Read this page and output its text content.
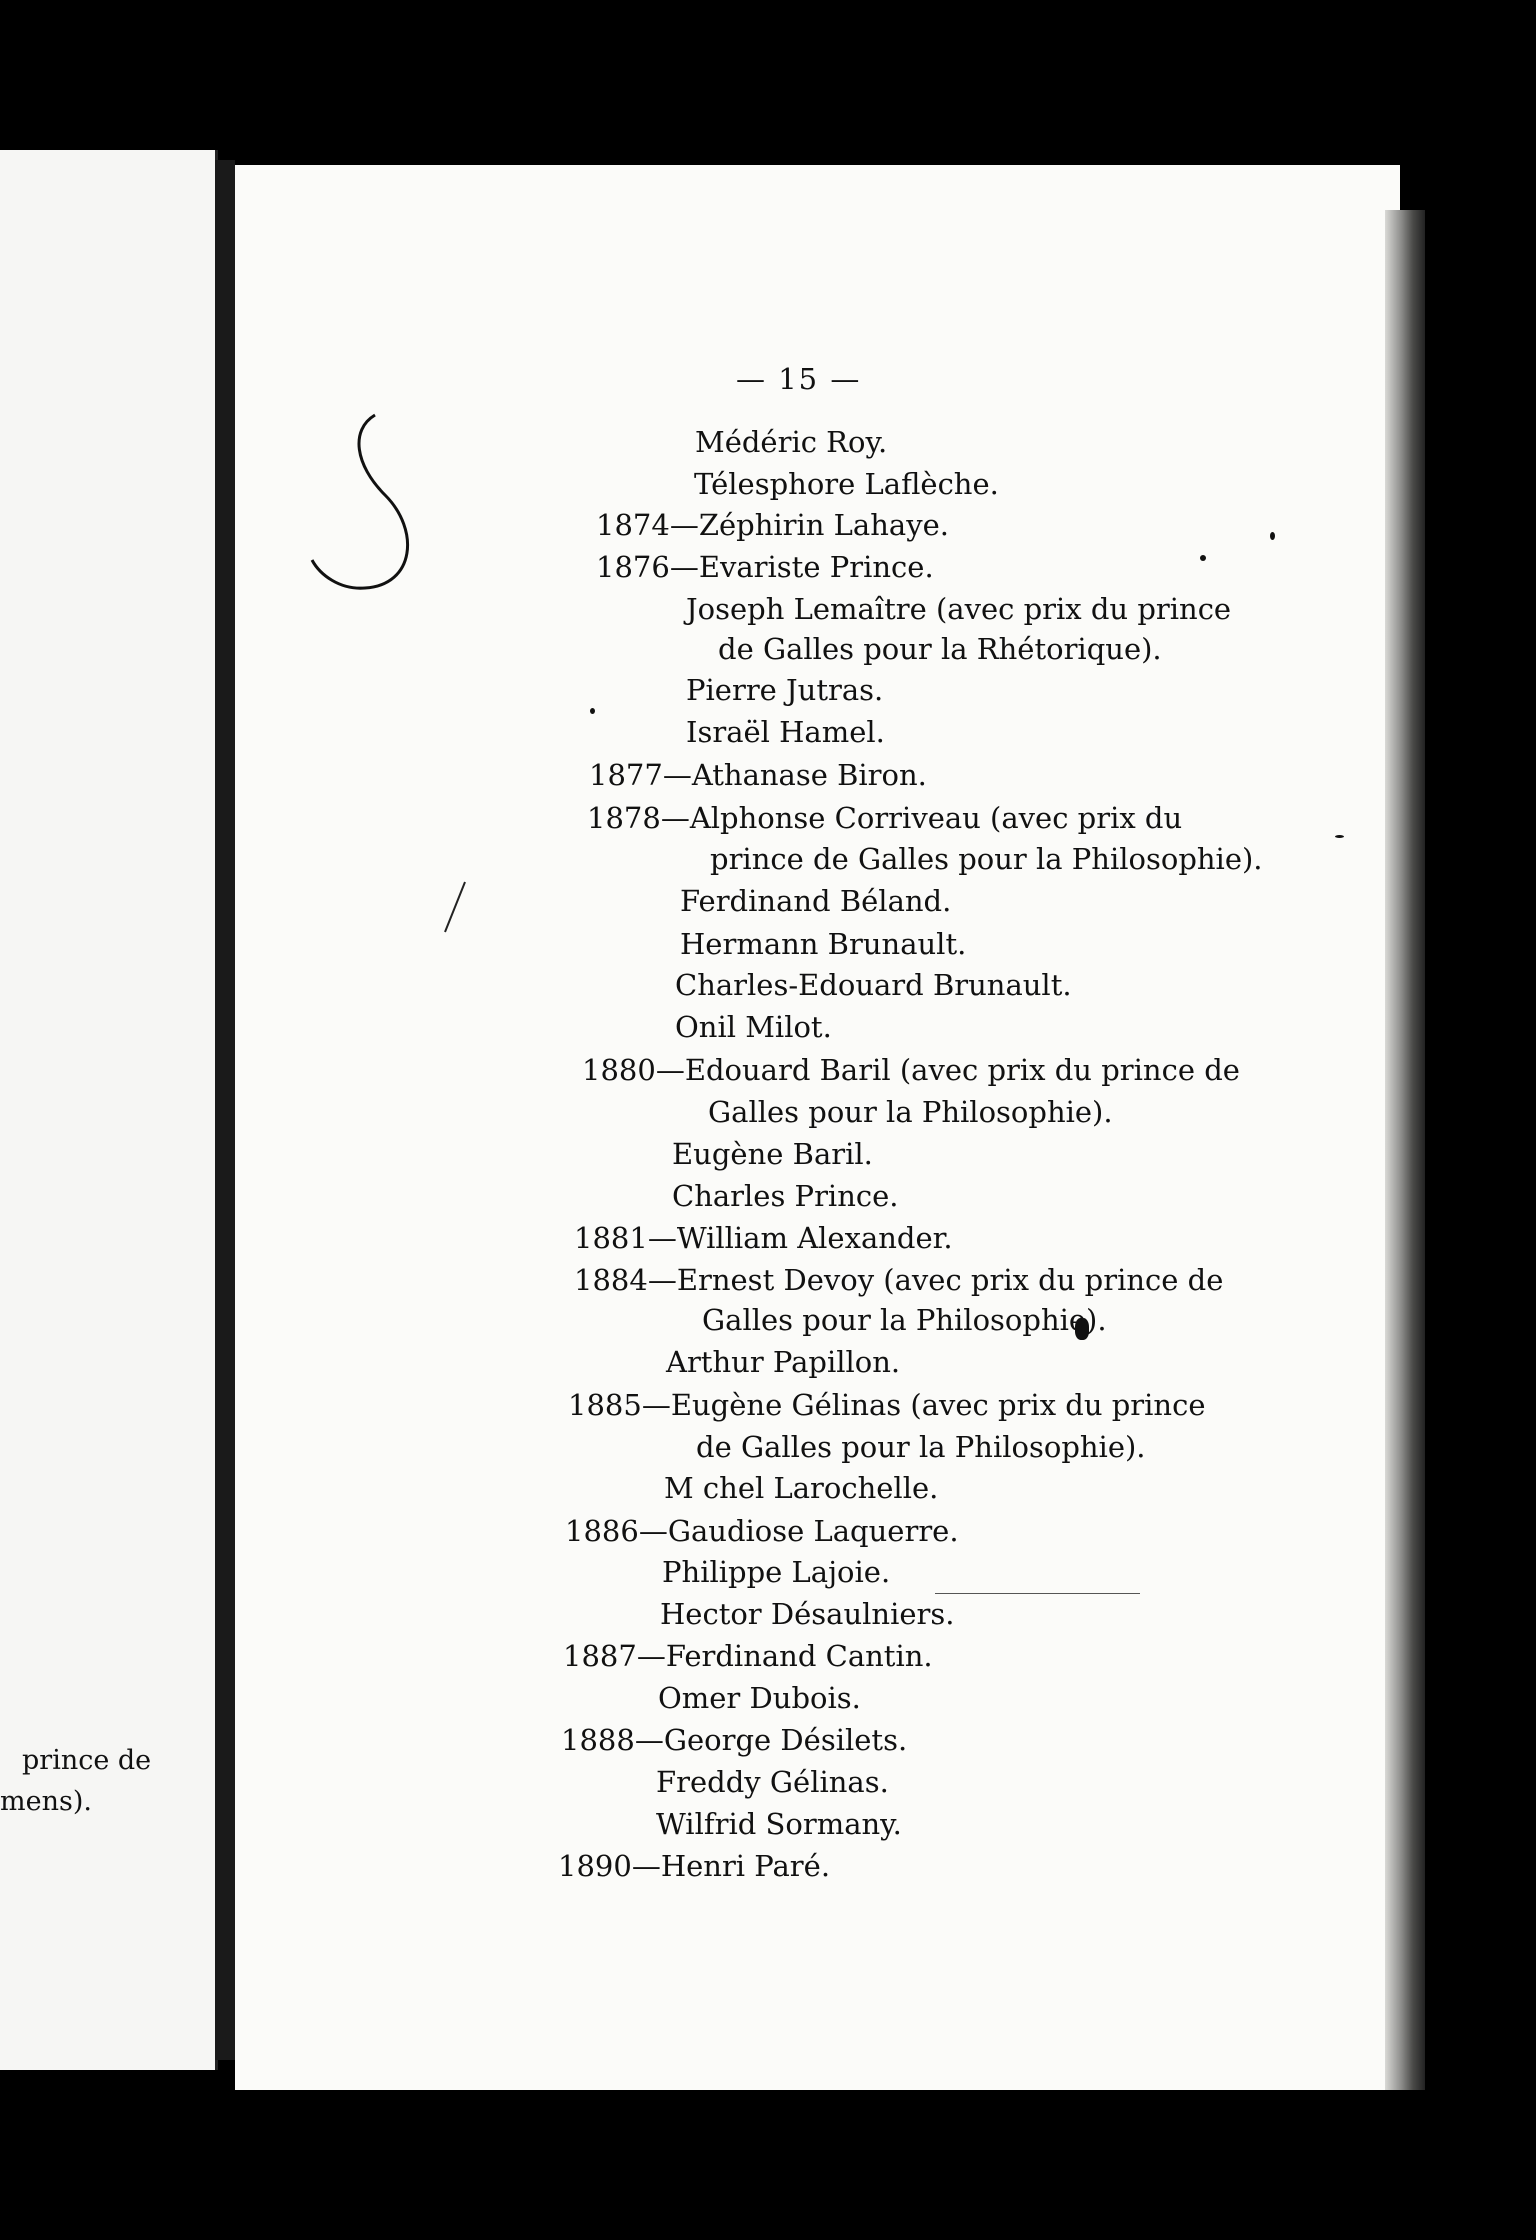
prince de
mens).
— 15 —
Médéric Roy.
Télesphore Laflèche.
1874—Zéphirin Lahaye.
1876—Evariste Prince.
Joseph Lemaître (avec prix du prince
de Galles pour la Rhétorique).
Pierre Jutras.
Israël Hamel.
1877—Athanase Biron.
1878—Alphonse Corriveau (avec prix du
prince de Galles pour la Philosophie).
Ferdinand Béland.
Hermann Brunault.
Charles-Edouard Brunault.
Onil Milot.
1880—Edouard Baril (avec prix du prince de
Galles pour la Philosophie).
Eugène Baril.
Charles Prince.
1881—William Alexander.
1884—Ernest Devoy (avec prix du prince de
Galles pour la Philosophie).
Arthur Papillon.
1885—Eugène Gélinas (avec prix du prince
de Galles pour la Philosophie).
M chel Larochelle.
1886—Gaudiose Laquerre.
Philippe Lajoie.
Hector Désaulniers.
1887—Ferdinand Cantin.
Omer Dubois.
1888—George Désilets.
Freddy Gélinas.
Wilfrid Sormany.
1890—Henri Paré.
